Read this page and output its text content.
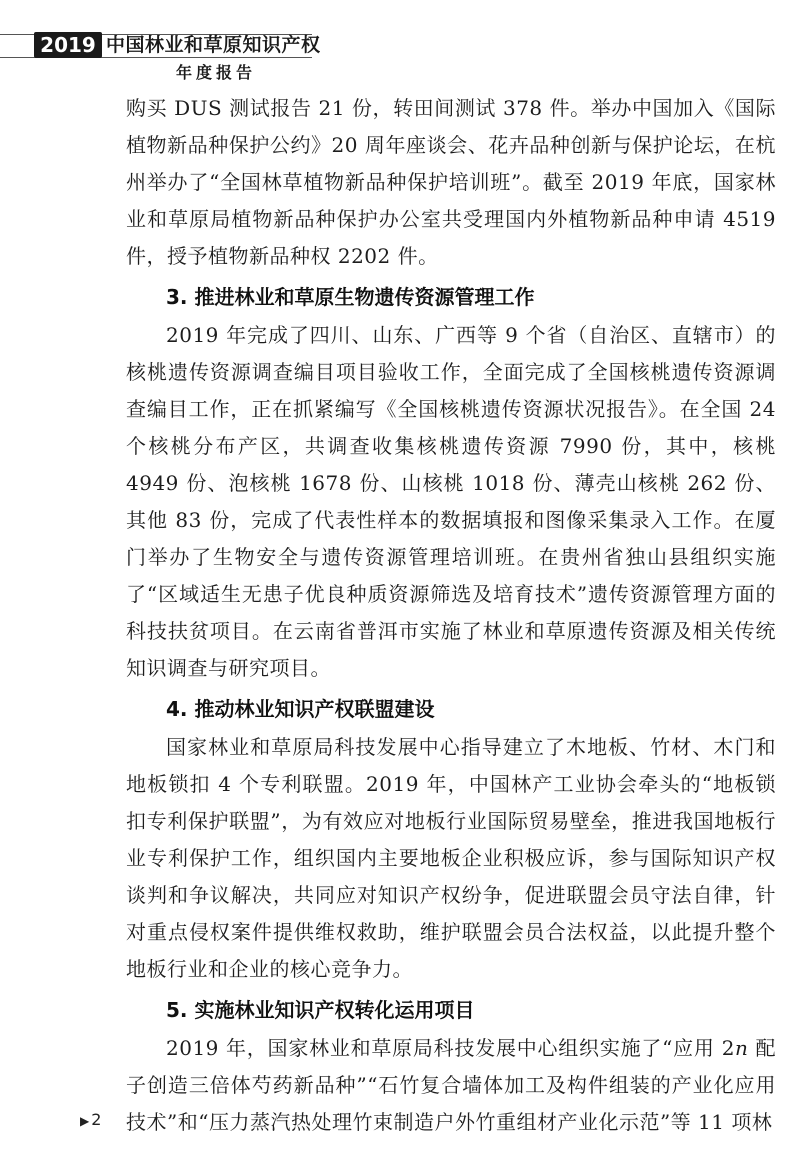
2019 中国林业和草原知识产权
年度报告

购买 DUS 测试报告 21 份，转田间测试 378 件。举办中国加入《国际植物新品种保护公约》20 周年座谈会、花卉品种创新与保护论坛，在杭州举办了“全国林草植物新品种保护培训班”。截至 2019 年底，国家林业和草原局植物新品种保护办公室共受理国内外植物新品种申请 4519 件，授予植物新品种权 2202 件。

3. 推进林业和草原生物遗传资源管理工作

2019 年完成了四川、山东、广西等 9 个省（自治区、直辖市）的核桃遗传资源调查编目项目验收工作，全面完成了全国核桃遗传资源调查编目工作，正在抓紧编写《全国核桃遗传资源状况报告》。在全国 24 个核桃分布产区，共调查收集核桃遗传资源 7990 份，其中，核桃 4949 份、泡核桃 1678 份、山核桃 1018 份、薄壳山核桃 262 份、其他 83 份，完成了代表性样本的数据填报和图像采集录入工作。在厦门举办了生物安全与遗传资源管理培训班。在贵州省独山县组织实施了“区域适生无患子优良种质资源筛选及培育技术”遗传资源管理方面的科技扶贫项目。在云南省普洱市实施了林业和草原遗传资源及相关传统知识调查与研究项目。

4. 推动林业知识产权联盟建设

国家林业和草原局科技发展中心指导建立了木地板、竹材、木门和地板锁扣 4 个专利联盟。2019 年，中国林产工业协会牵头的“地板锁扣专利保护联盟”，为有效应对地板行业国际贸易壁垒，推进我国地板行业专利保护工作，组织国内主要地板企业积极应诉，参与国际知识产权谈判和争议解决，共同应对知识产权纷争，促进联盟会员守法自律，针对重点侵权案件提供维权救助，维护联盟会员合法权益，以此提升整个地板行业和企业的核心竞争力。

5. 实施林业知识产权转化运用项目

2019 年，国家林业和草原局科技发展中心组织实施了“应用 2n 配子创造三倍体芍药新品种”“石竹复合墙体加工及构件组装的产业化应用技术”和“压力蒸汽热处理竹束制造户外竹重组材产业化示范”等 11 项林

▶ 2
